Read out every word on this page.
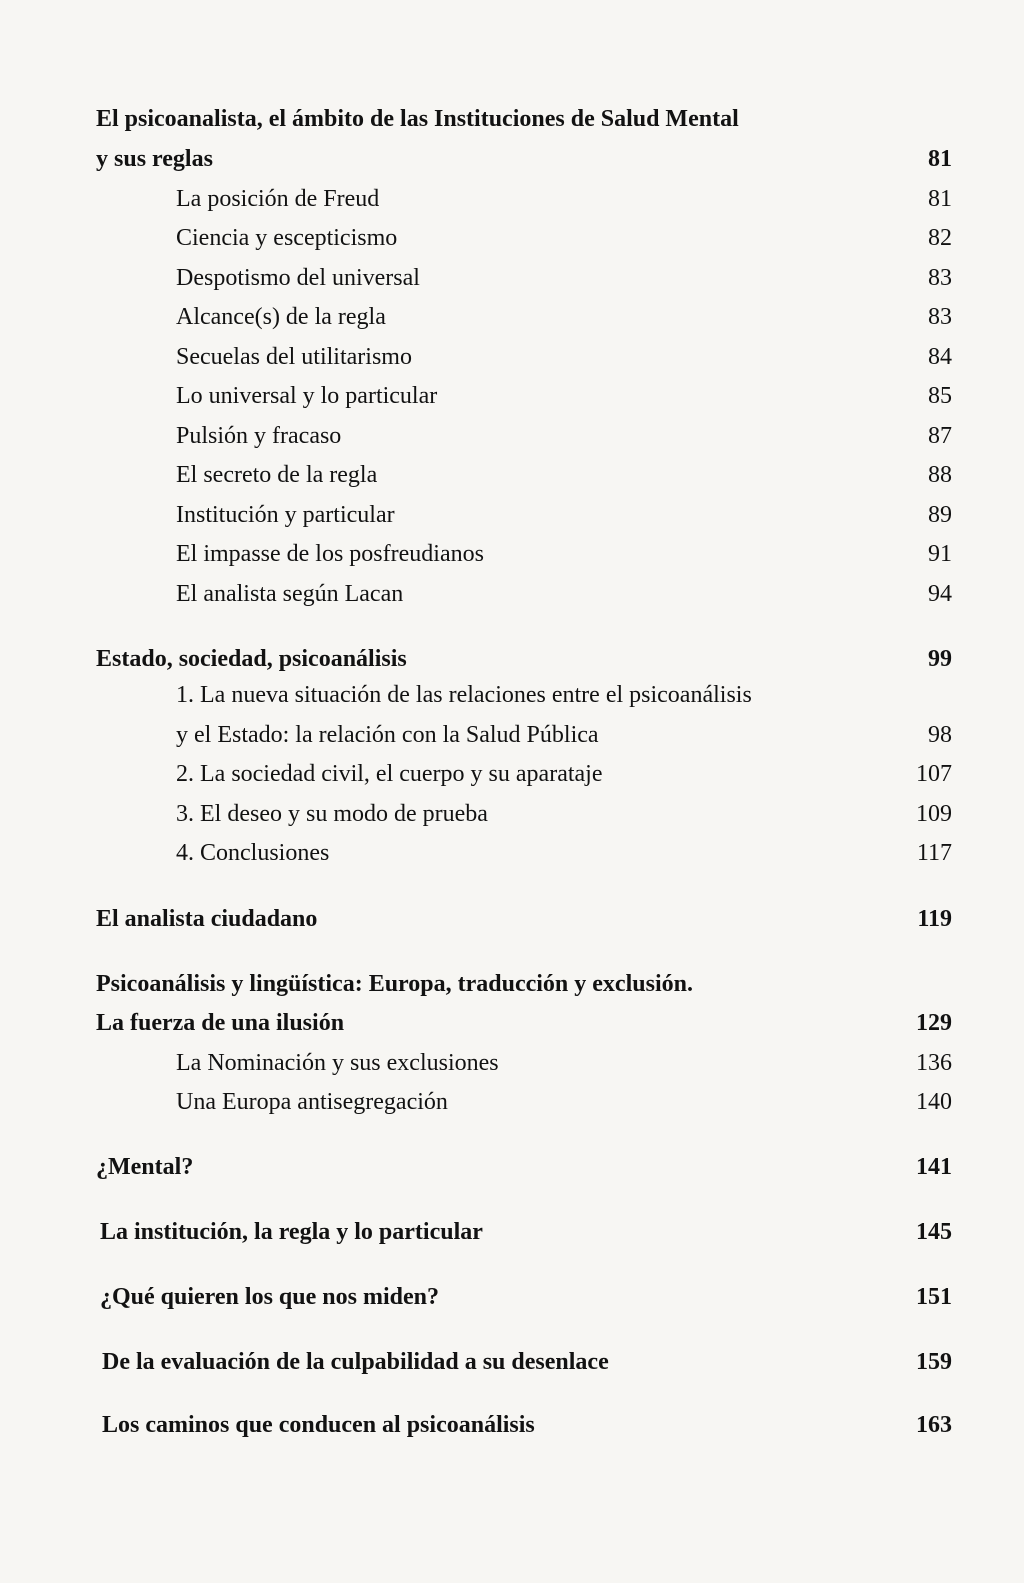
El psicoanalista, el ámbito de las Instituciones de Salud Mental
y sus reglas	81
La posición de Freud	81
Ciencia y escepticismo	82
Despotismo del universal	83
Alcance(s) de la regla	83
Secuelas del utilitarismo	84
Lo universal y lo particular	85
Pulsión y fracaso	87
El secreto de la regla	88
Institución y particular	89
El impasse de los posfreudianos	91
El analista según Lacan	94
Estado, sociedad, psicoanálisis	99
1. La nueva situación de las relaciones entre el psicoanálisis
y el Estado: la relación con la Salud Pública	98
2. La sociedad civil, el cuerpo y su aparataje	107
3. El deseo y su modo de prueba	109
4. Conclusiones	117
El analista ciudadano	119
Psicoanálisis y lingüística: Europa, traducción y exclusión.
La fuerza de una ilusión	129
La Nominación y sus exclusiones	136
Una Europa antisegregación	140
¿Mental?	141
La institución, la regla y lo particular	145
¿Qué quieren los que nos miden?	151
De la evaluación de la culpabilidad a su desenlace	159
Los caminos que conducen al psicoanálisis	163
